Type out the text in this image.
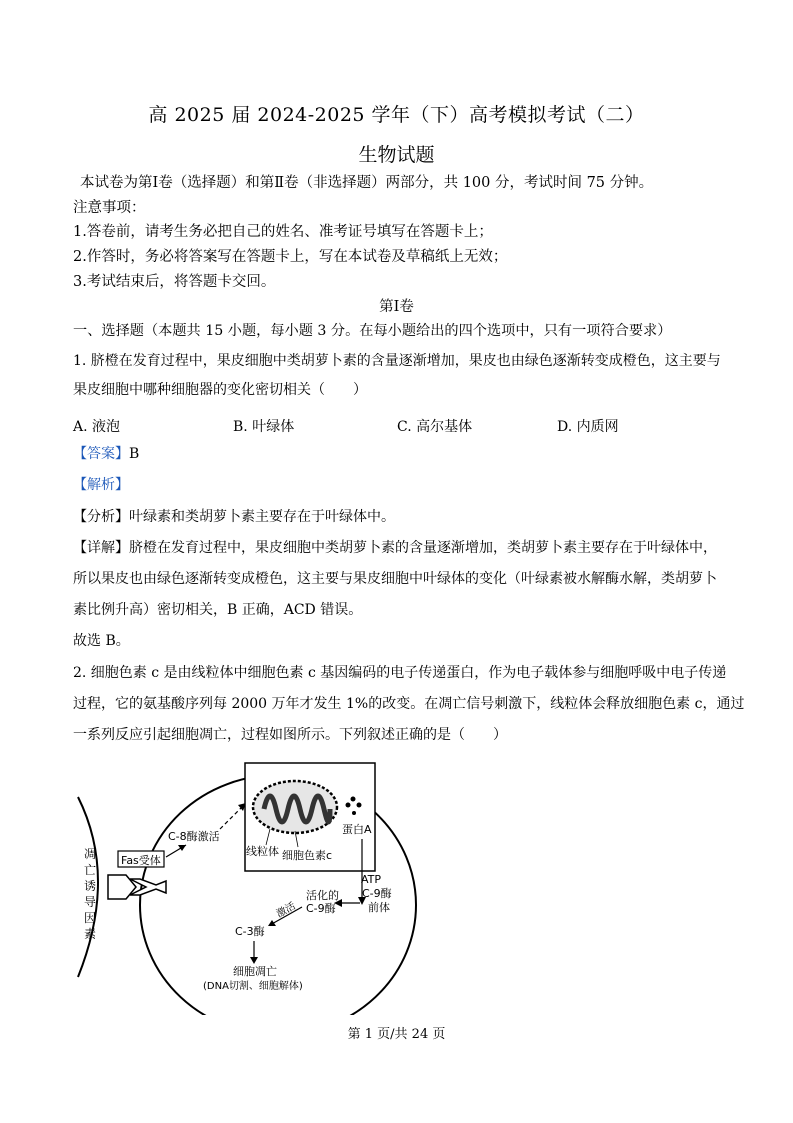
高 2025 届 2024-2025 学年（下）高考模拟考试（二）
生物试题
本试卷为第Ⅰ卷（选择题）和第Ⅱ卷（非选择题）两部分，共 100 分，考试时间 75 分钟。
注意事项：
1.答卷前，请考生务必把自己的姓名、准考证号填写在答题卡上；
2.作答时，务必将答案写在答题卡上，写在本试卷及草稿纸上无效；
3.考试结束后，将答题卡交回。
第Ⅰ卷
一、选择题（本题共 15 小题，每小题 3 分。在每小题给出的四个选项中，只有一项符合要求）
1. 脐橙在发育过程中，果皮细胞中类胡萝卜素的含量逐渐增加，果皮也由绿色逐渐转变成橙色，这主要与
果皮细胞中哪种细胞器的变化密切相关（　　）
A. 液泡	B. 叶绿体	C. 高尔基体	D. 内质网
【答案】B
【解析】
【分析】叶绿素和类胡萝卜素主要存在于叶绿体中。
【详解】脐橙在发育过程中，果皮细胞中类胡萝卜素的含量逐渐增加，类胡萝卜素主要存在于叶绿体中，
所以果皮也由绿色逐渐转变成橙色，这主要与果皮细胞中叶绿体的变化（叶绿素被水解酶水解，类胡萝卜
素比例升高）密切相关，B 正确，ACD 错误。
故选 B。
2. 细胞色素 c 是由线粒体中细胞色素 c 基因编码的电子传递蛋白，作为电子载体参与细胞呼吸中电子传递
过程，它的氨基酸序列每 2000 万年才发生 1%的改变。在凋亡信号刺激下，线粒体会释放细胞色素 c，通过
一系列反应引起细胞凋亡，过程如图所示。下列叙述正确的是（　　）
凋
亡
诱
导
因
素
Fas受体
C-8酶激活
蛋白A
线粒体 细胞色素c
ATP
C-9酶
前体
活化的
C-9酶
激活
C-3酶
细胞凋亡
(DNA切割、细胞解体)
第 1 页/共 24 页
